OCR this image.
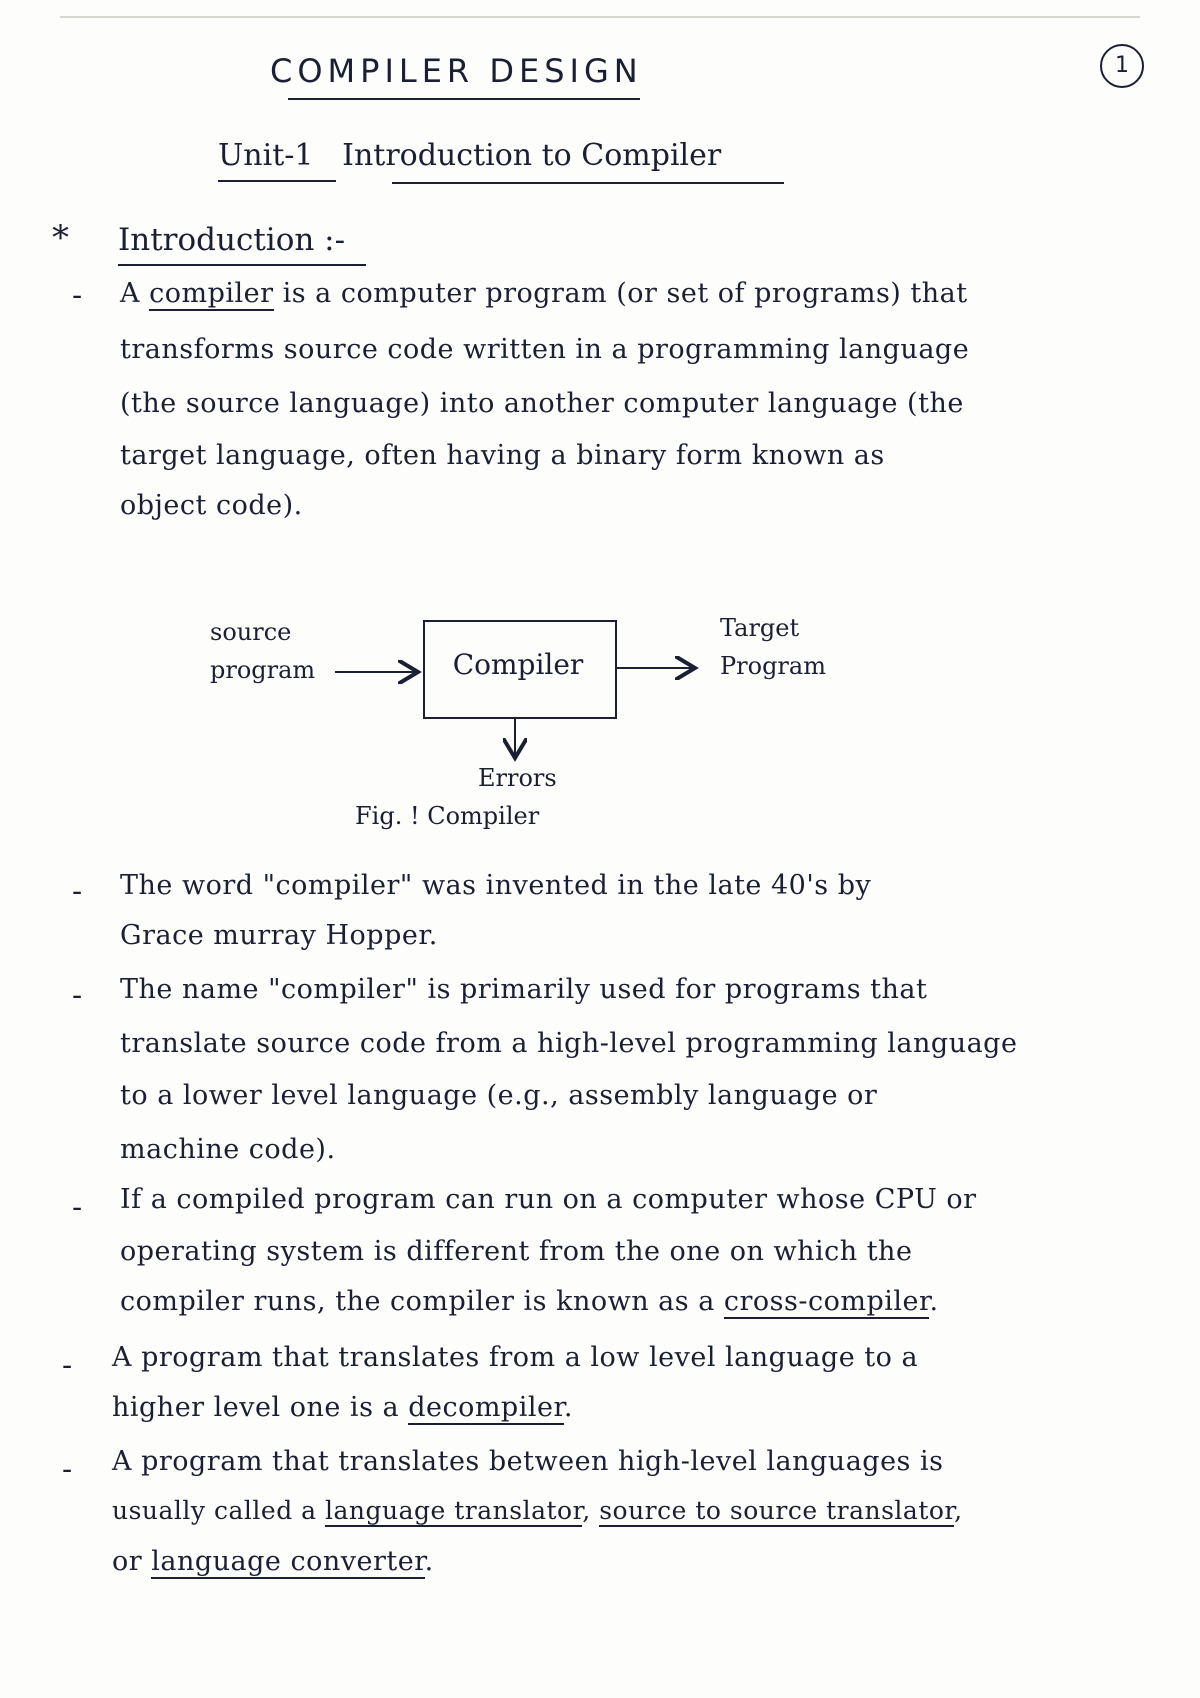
COMPILER DESIGN	1
Unit-1 Introduction to Compiler
* Introduction :-
- A compiler is a computer program (or set of programs) that
transforms source code written in a programming language
(the source language) into another computer language (the
target language, often having a binary form known as
object code).
source
program	Compiler
Target
Program
Errors
Fig. ! Compiler
- The word "compiler" was invented in the late 40's by
Grace murray Hopper.
- The name "compiler" is primarily used for programs that
translate source code from a high-level programming language
to a lower level language (e.g., assembly language or
machine code).
- If a compiled program can run on a computer whose CPU or
operating system is different from the one on which the
compiler runs, the compiler is known as a cross-compiler.
- A program that translates from a low level language to a
higher level one is a decompiler.
- A program that translates between high-level languages is
usually called a language translator, source to source translator,
or language converter.
